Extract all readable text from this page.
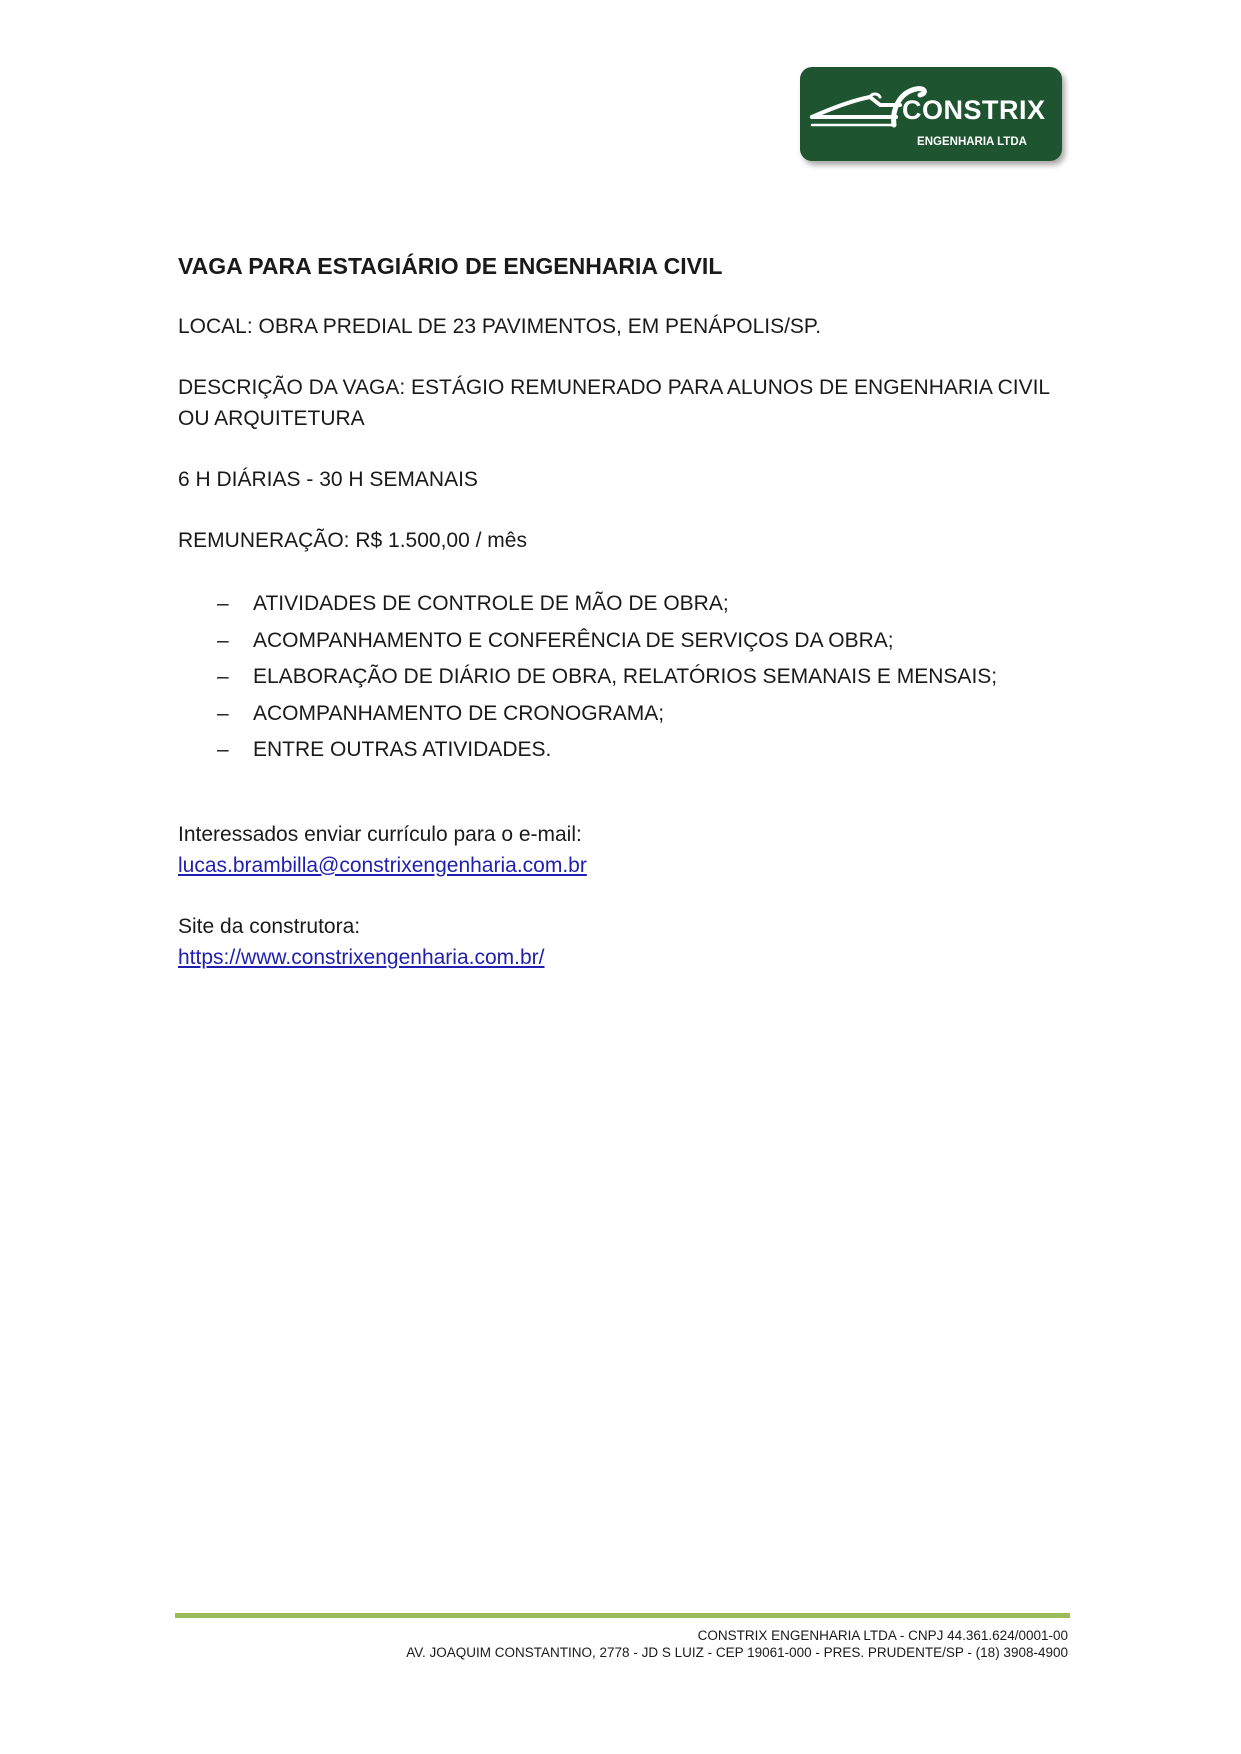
CONSTRIX
ENGENHARIA LTDA
VAGA PARA ESTAGIÁRIO DE ENGENHARIA CIVIL
LOCAL: OBRA PREDIAL DE 23 PAVIMENTOS, EM PENÁPOLIS/SP.
DESCRIÇÃO DA VAGA: ESTÁGIO REMUNERADO PARA ALUNOS DE ENGENHARIA CIVIL OU ARQUITETURA
6 H DIÁRIAS - 30 H SEMANAIS
REMUNERAÇÃO: R$ 1.500,00 / mês
– ATIVIDADES DE CONTROLE DE MÃO DE OBRA;
– ACOMPANHAMENTO E CONFERÊNCIA DE SERVIÇOS DA OBRA;
– ELABORAÇÃO DE DIÁRIO DE OBRA, RELATÓRIOS SEMANAIS E MENSAIS;
– ACOMPANHAMENTO DE CRONOGRAMA;
– ENTRE OUTRAS ATIVIDADES.
Interessados enviar currículo para o e-mail:
lucas.brambilla@constrixengenharia.com.br
Site da construtora:
https://www.constrixengenharia.com.br/
CONSTRIX ENGENHARIA LTDA - CNPJ 44.361.624/0001-00
AV. JOAQUIM CONSTANTINO, 2778 - JD S LUIZ - CEP 19061-000 - PRES. PRUDENTE/SP - (18) 3908-4900
